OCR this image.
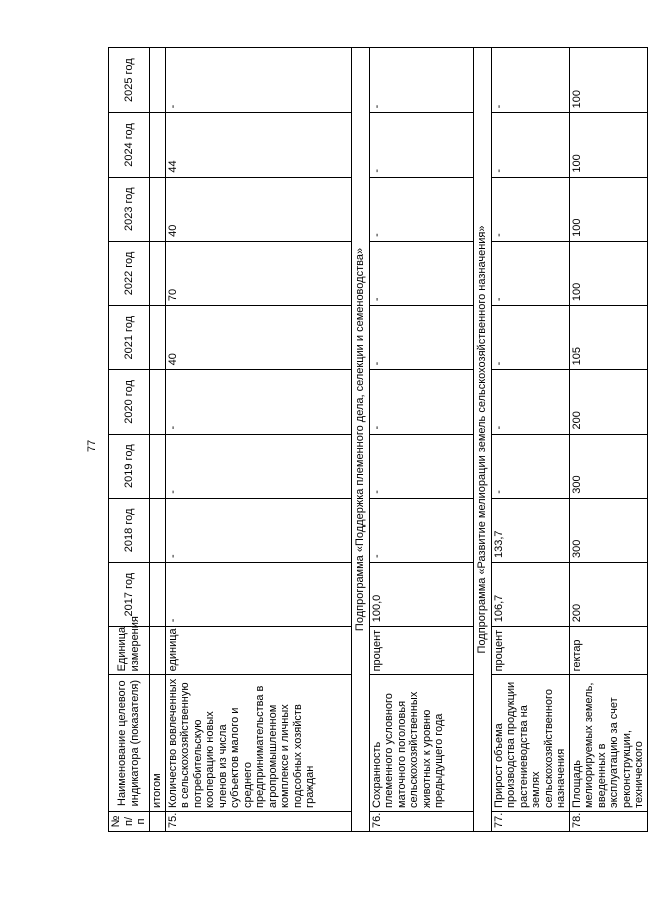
77
№ п/п	Наименование целевого индикатора (показателя)	Единица измерения	2017 год	2018 год	2019 год	2020 год	2021 год	2022 год	2023 год	2024 год	2025 год
	итогом										
75.	Количество вовлеченных в сельскохозяйственную потребительскую кооперацию новых членов из числа субъектов малого и среднего предпринимательства в агропромышленном комплексе и личных подсобных хозяйств граждан	единица	-	-	-	-	40	70	40	44	-
Подпрограмма «Поддержка племенного дела, селекции и семеноводства»											
76.	Сохранность племенного условного маточного поголовья сельскохозяйственных животных к уровню предыдущего года	процент	100,0	-	-	-	-	-	-	-	-
Подпрограмма «Развитие мелиорации земель сельскохозяйственного назначения»											
77.	Прирост объема производства продукции растениеводства на землях сельскохозяйственного назначения	процент	106,7	133,7	-	-	-	-	-	-	-
78.	Площадь мелиорируемых земель, введенных в эксплуатацию за счет реконструкции, технического	гектар	200	300	300	200	105	100	100	100	100
